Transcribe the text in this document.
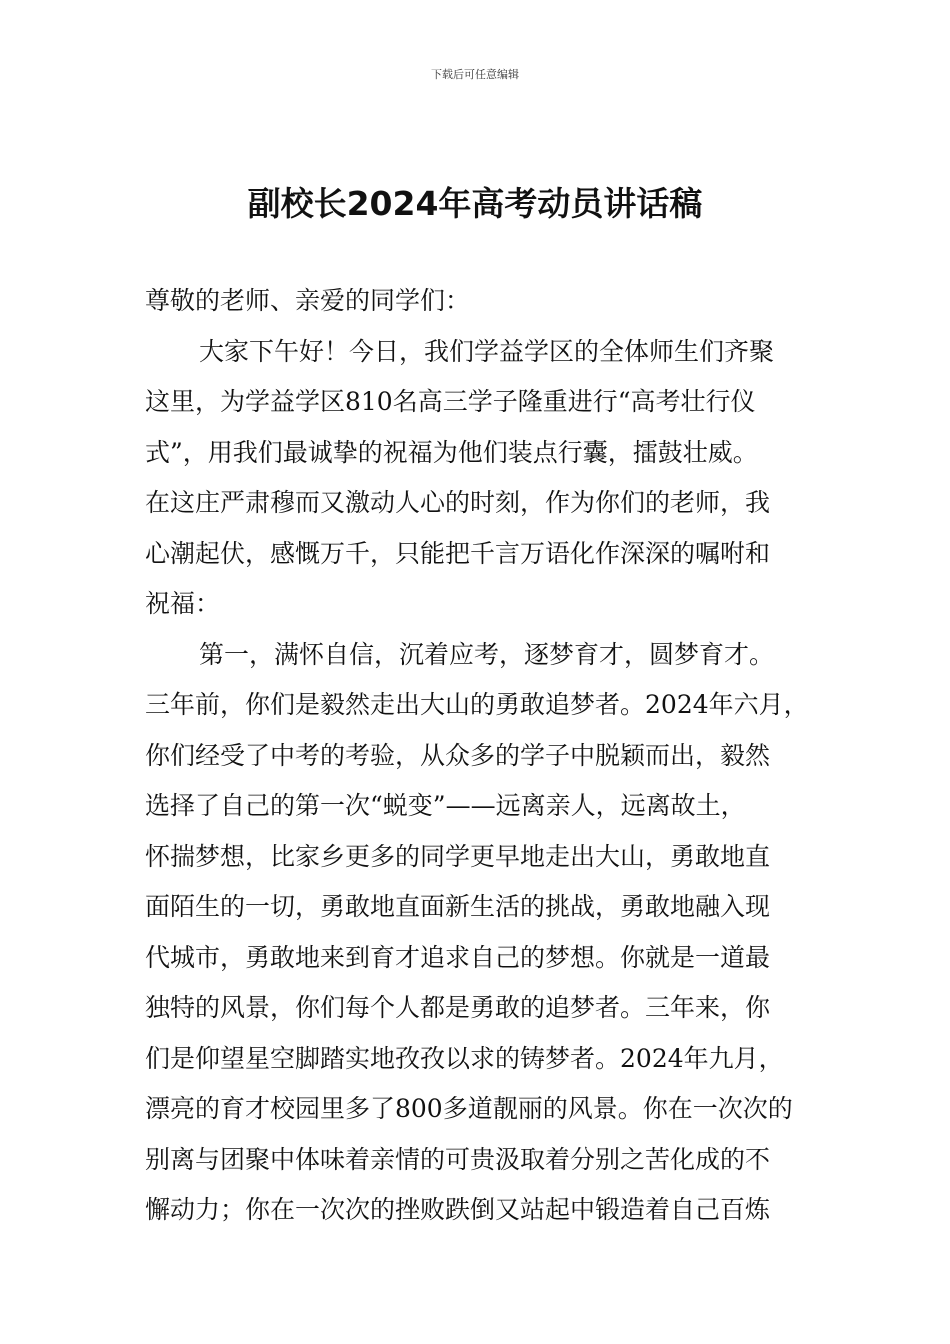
下载后可任意编辑
副校长2024年高考动员讲话稿
尊敬的老师、亲爱的同学们：
大家下午好！今日，我们学益学区的全体师生们齐聚
这里，为学益学区810名高三学子隆重进行“高考壮行仪
式”，用我们最诚挚的祝福为他们装点行囊，擂鼓壮威。
在这庄严肃穆而又激动人心的时刻，作为你们的老师，我
心潮起伏，感慨万千，只能把千言万语化作深深的嘱咐和
祝福：
第一，满怀自信，沉着应考，逐梦育才，圆梦育才。
三年前，你们是毅然走出大山的勇敢追梦者。2024年六月，
你们经受了中考的考验，从众多的学子中脱颖而出，毅然
选择了自己的第一次“蜕变”——远离亲人，远离故土，
怀揣梦想，比家乡更多的同学更早地走出大山，勇敢地直
面陌生的一切，勇敢地直面新生活的挑战，勇敢地融入现
代城市，勇敢地来到育才追求自己的梦想。你就是一道最
独特的风景，你们每个人都是勇敢的追梦者。三年来，你
们是仰望星空脚踏实地孜孜以求的铸梦者。2024年九月，
漂亮的育才校园里多了800多道靓丽的风景。你在一次次的
别离与团聚中体味着亲情的可贵汲取着分别之苦化成的不
懈动力；你在一次次的挫败跌倒又站起中锻造着自己百炼
